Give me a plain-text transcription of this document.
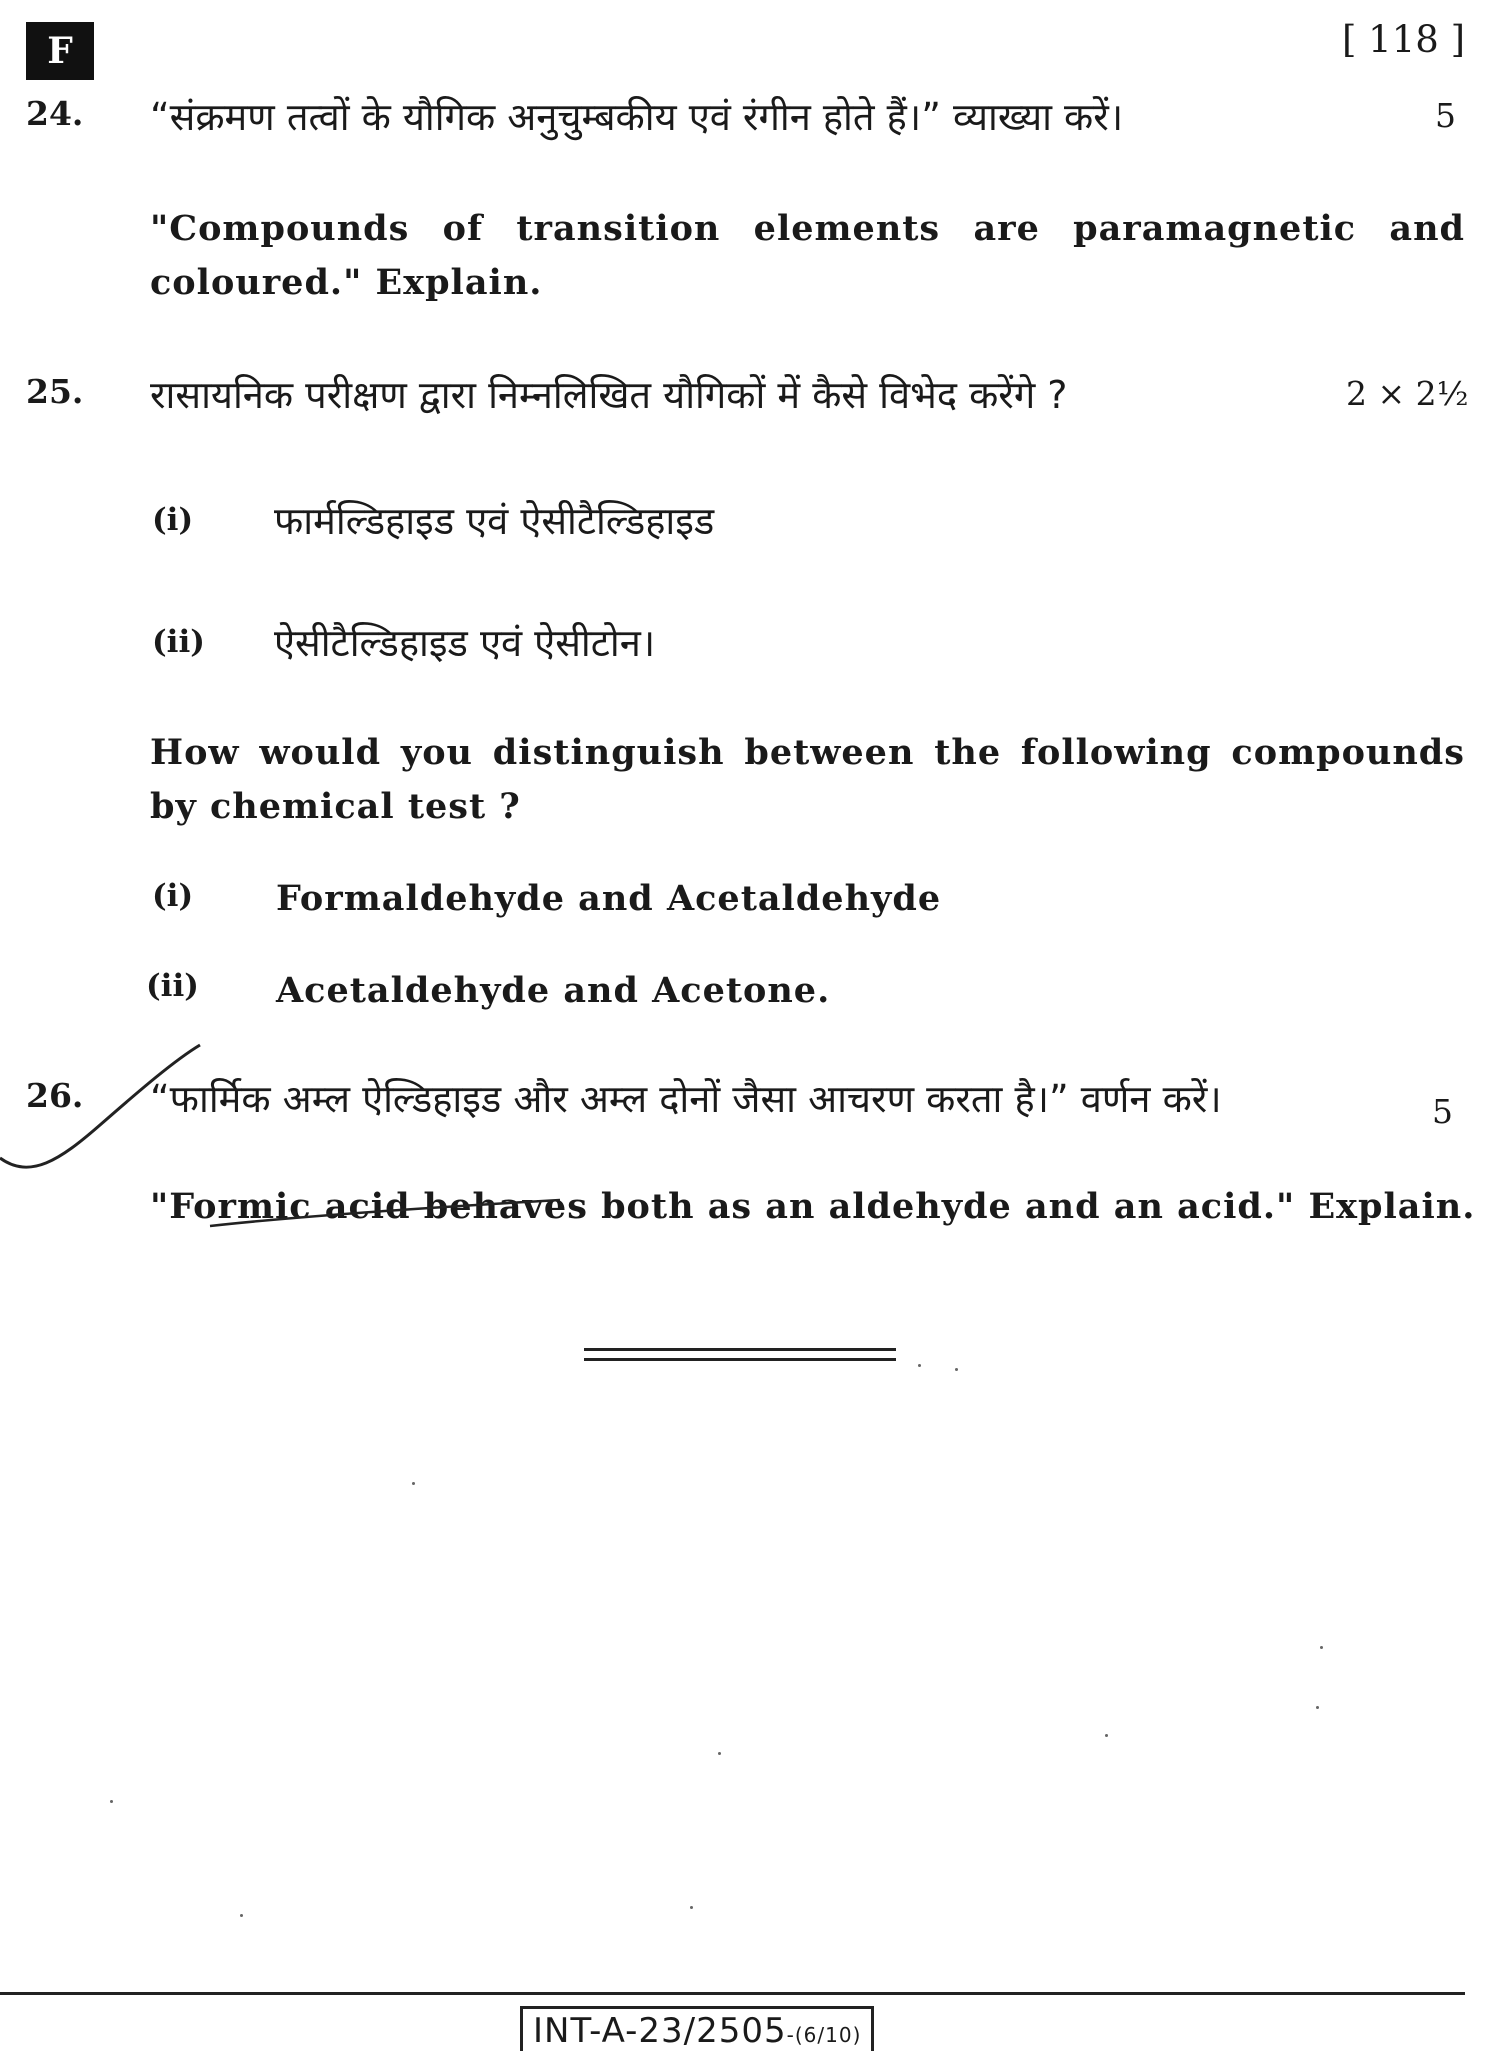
F	[ 118 ]
24. “संक्रमण तत्वों के यौगिक अनुचुम्बकीय एवं रंगीन होते हैं।” व्याख्या करें।	5
"Compounds of transition elements are paramagnetic and coloured." Explain.
25. रासायनिक परीक्षण द्वारा निम्नलिखित यौगिकों में कैसे विभेद करेंगे ?	2 × 2½
(i) फार्मल्डिहाइड एवं ऐसीटैल्डिहाइड
(ii) ऐसीटैल्डिहाइड एवं ऐसीटोन।
How would you distinguish between the following compounds by chemical test ?
(i) Formaldehyde and Acetaldehyde
(ii) Acetaldehyde and Acetone.
26. “फार्मिक अम्ल ऐल्डिहाइड और अम्ल दोनों जैसा आचरण करता है।” वर्णन करें।	5
"Formic acid behaves both as an aldehyde and an acid." Explain.
INT-A-23/2505-(6/10)
